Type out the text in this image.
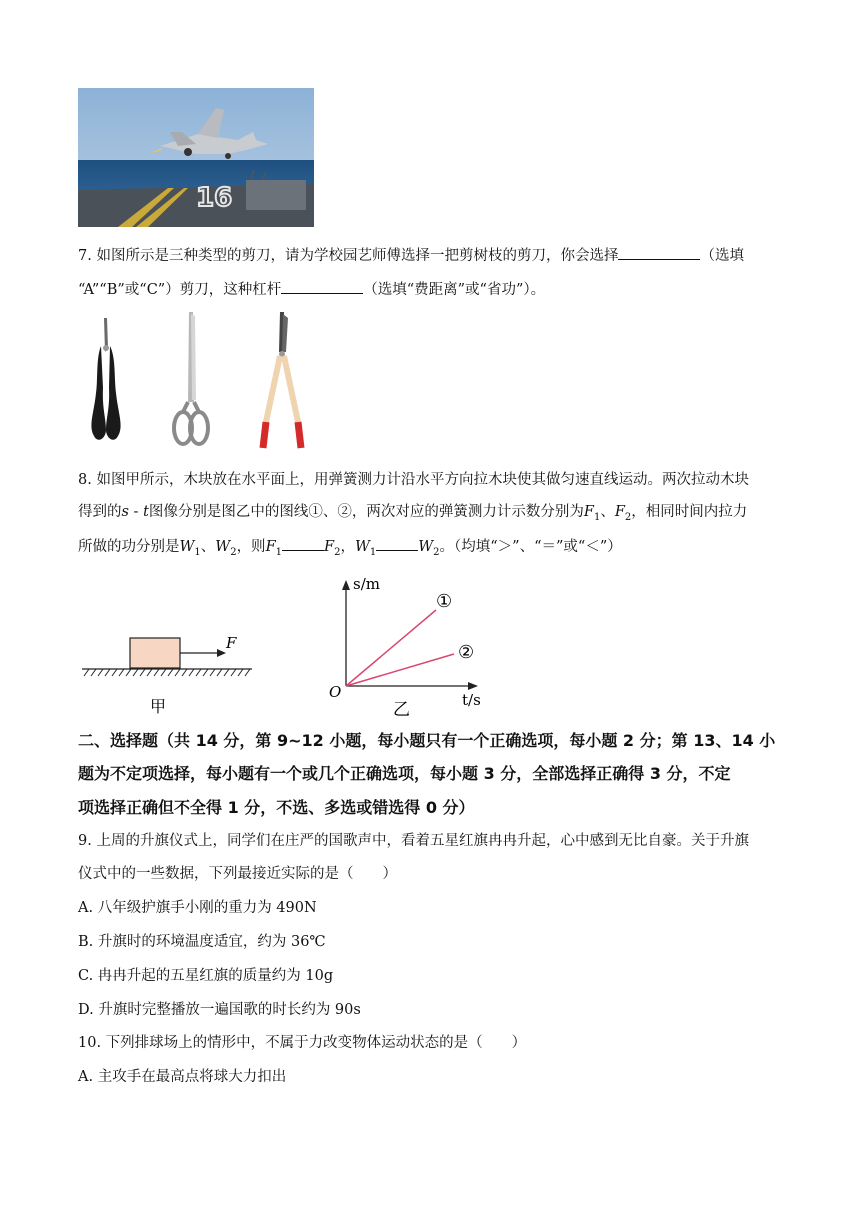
16
7. 如图所示是三种类型的剪刀，请为学校园艺师傅选择一把剪树枝的剪刀，你会选择	（选填
“A”“B”或“C”）剪刀，这种杠杆	（选填“费距离”或“省功”）。
8. 如图甲所示，木块放在水平面上，用弹簧测力计沿水平方向拉木块使其做匀速直线运动。两次拉动木块
得到的s - t图像分别是图乙中的图线①、②，两次对应的弹簧测力计示数分别为$F_1$、$F_2$，相同时间内拉力
所做的功分别是$W_1$、$W_2$，则$F_1$	$F_2$，$W_1$	$W_2$。（均填“＞”、“＝”或“＜”）
F
甲
s/m
t/s
O
①
②
乙
二、选择题（共 14 分，第 9~12 小题，每小题只有一个正确选项，每小题 2 分；第 13、14 小
题为不定项选择，每小题有一个或几个正确选项，每小题 3 分，全部选择正确得 3 分，不定
项选择正确但不全得 1 分，不选、多选或错选得 0 分）
9. 上周的升旗仪式上，同学们在庄严的国歌声中，看着五星红旗冉冉升起，心中感到无比自豪。关于升旗
仪式中的一些数据，下列最接近实际的是（　　）
A. 八年级护旗手小刚的重力为 490N
B. 升旗时的环境温度适宜，约为 36℃
C. 冉冉升起的五星红旗的质量约为 10g
D. 升旗时完整播放一遍国歌的时长约为 90s
10. 下列排球场上的情形中，不属于力改变物体运动状态的是（　　）
A. 主攻手在最高点将球大力扣出
